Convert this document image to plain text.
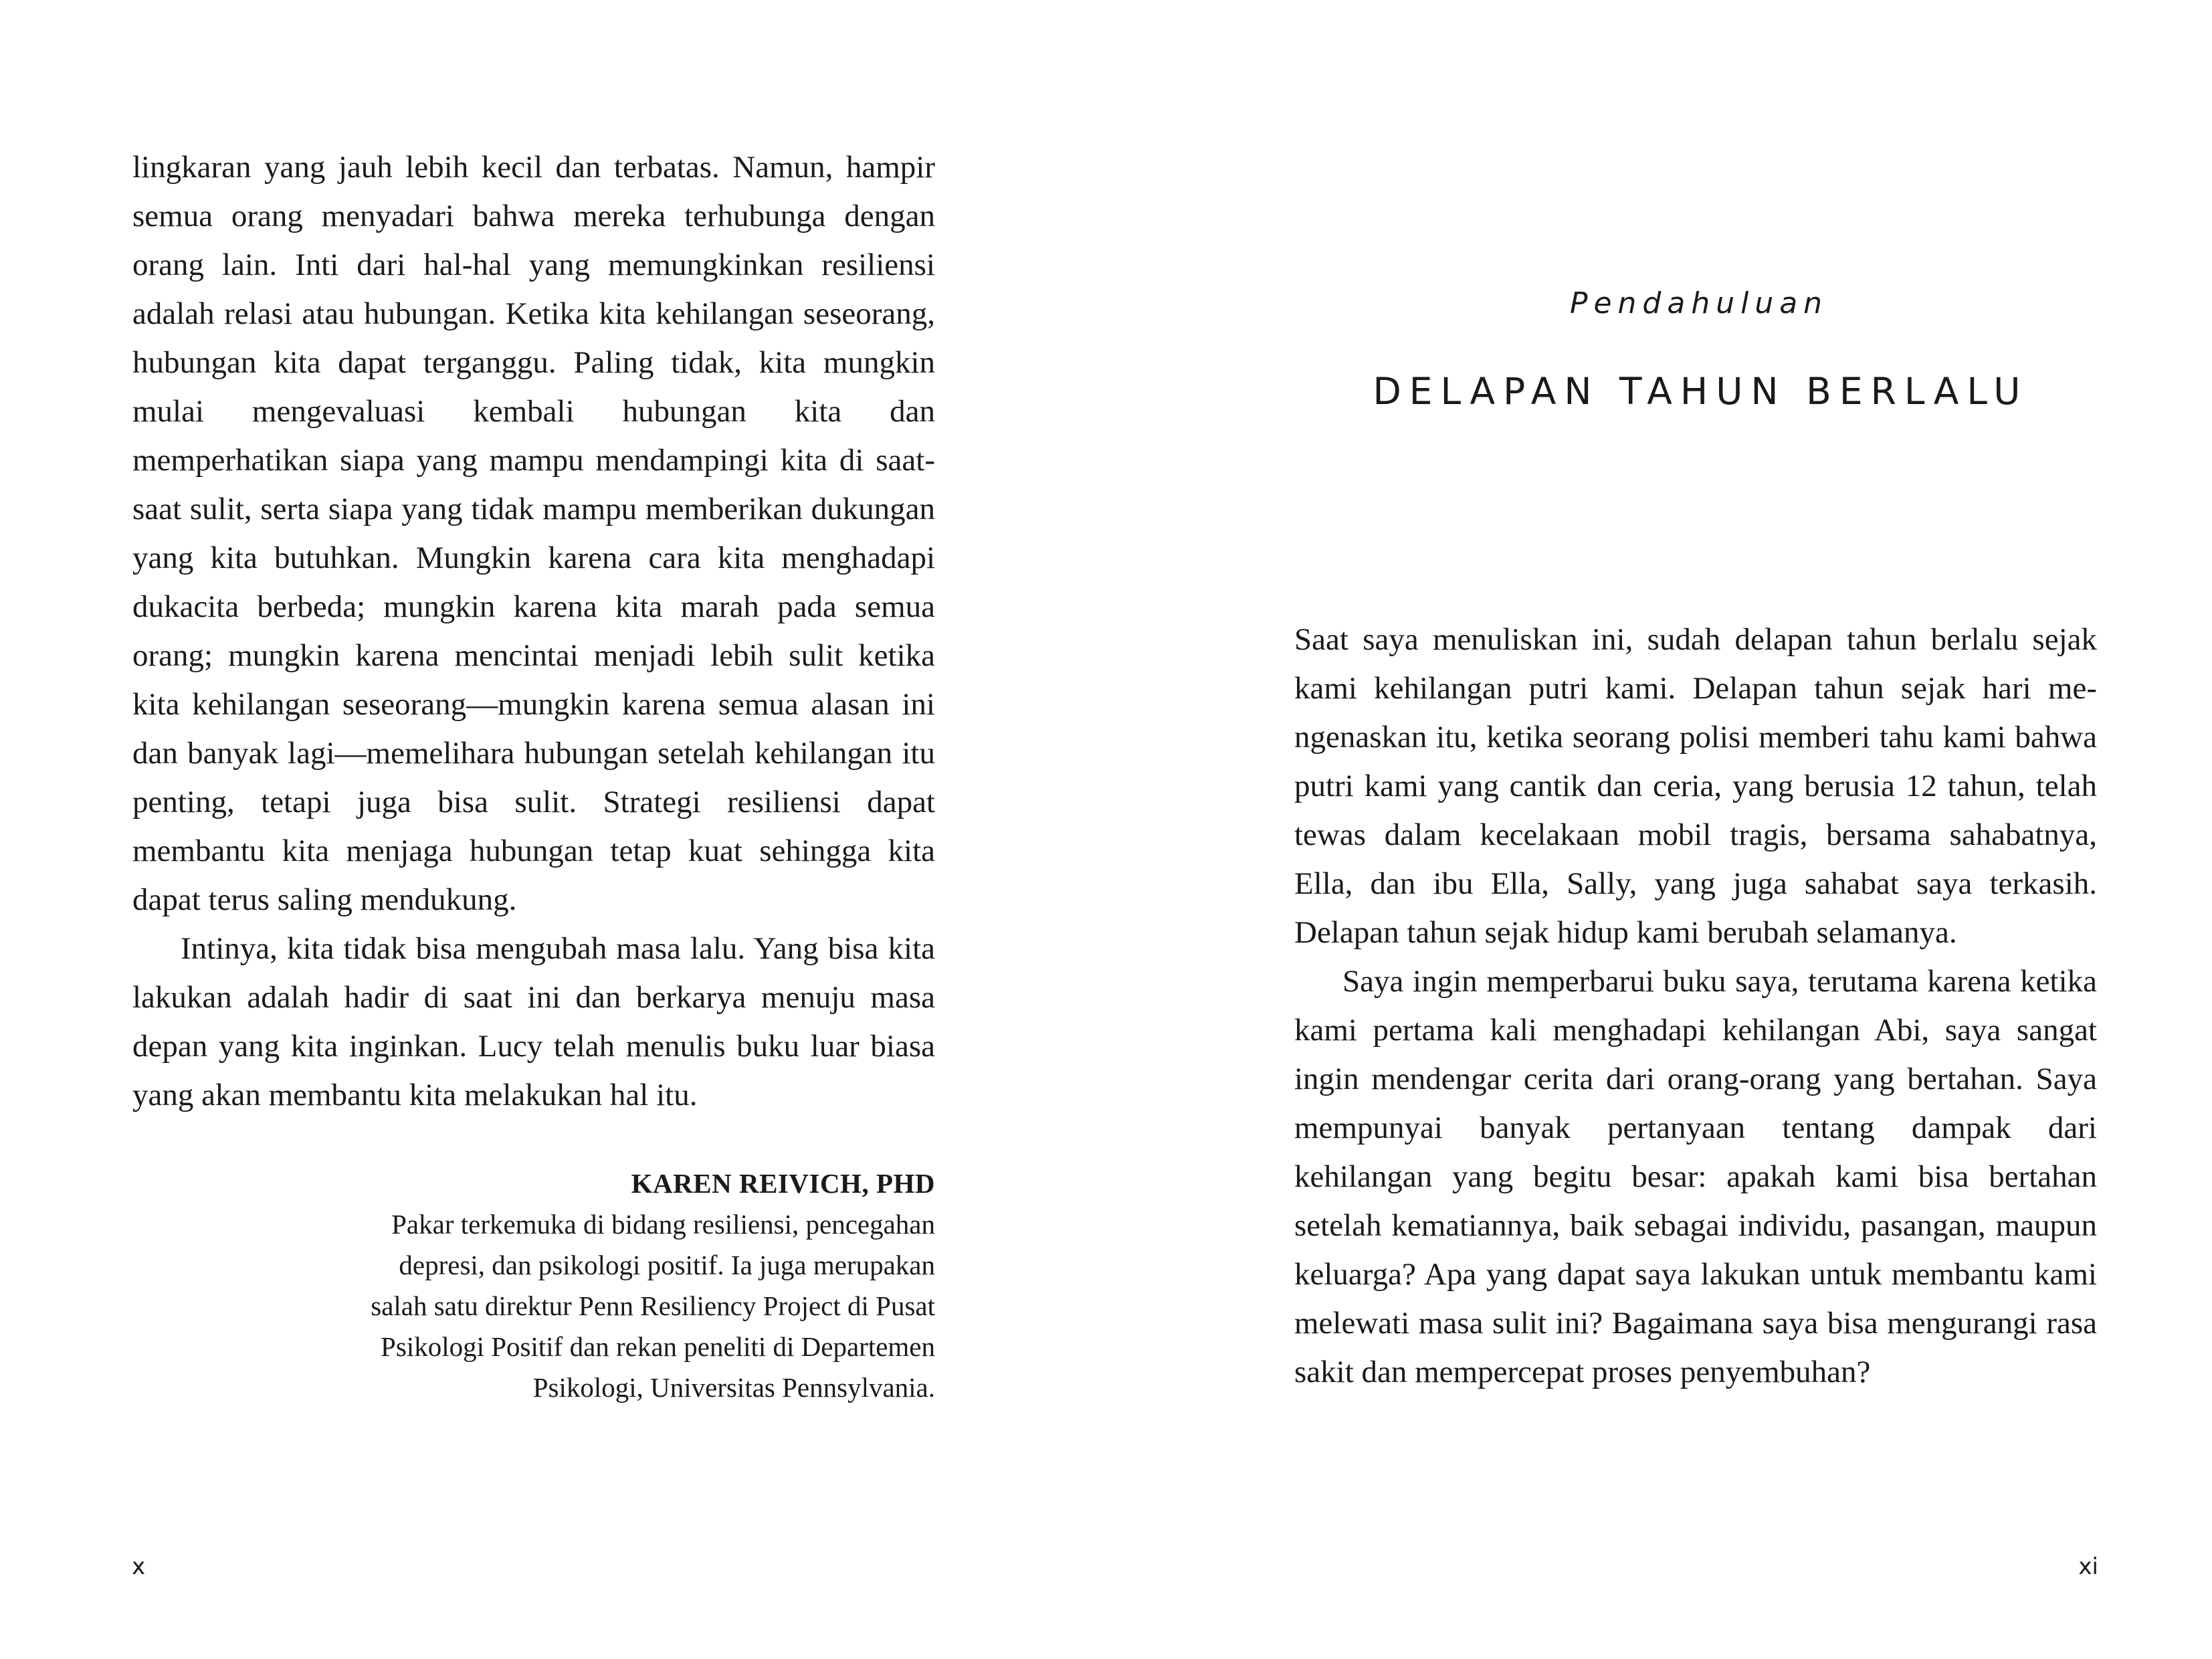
lingkaran yang jauh lebih kecil dan terbatas. Namun, hampir semua orang menyadari bahwa mereka terhubunga dengan orang lain. Inti dari hal-hal yang memungkinkan resiliensi adalah relasi atau hubungan. Ketika kita kehilangan seseorang, hubungan kita dapat terganggu. Paling tidak, kita mungkin mulai mengevaluasi kembali hubungan kita dan memperhatikan siapa yang mampu mendampingi kita di saat-saat sulit, serta siapa yang tidak mampu memberikan dukungan yang kita butuhkan. Mungkin karena cara kita menghadapi dukacita berbeda; mungkin karena kita marah pada semua orang; mungkin karena mencintai menjadi lebih sulit ketika kita kehilangan seseorang—mungkin karena semua alasan ini dan banyak lagi—memelihara hubungan setelah kehilangan itu penting, tetapi juga bisa sulit. Strategi resiliensi dapat membantu kita menjaga hubungan tetap kuat sehingga kita dapat terus saling mendukung.

Intinya, kita tidak bisa mengubah masa lalu. Yang bisa kita lakukan adalah hadir di saat ini dan berkarya menuju masa depan yang kita inginkan. Lucy telah menulis buku luar biasa yang akan membantu kita melakukan hal itu.

KAREN REIVICH, PHD
Pakar terkemuka di bidang resiliensi, pencegahan
depresi, dan psikologi positif. Ia juga merupakan
salah satu direktur Penn Resiliency Project di Pusat
Psikologi Positif dan rekan peneliti di Departemen
Psikologi, Universitas Pennsylvania.
x
Pendahuluan
DELAPAN TAHUN BERLALU

Saat saya menuliskan ini, sudah delapan tahun berlalu sejak kami kehilangan putri kami. Delapan tahun sejak hari mengenaskan itu, ketika seorang polisi memberi tahu kami bahwa putri kami yang cantik dan ceria, yang berusia 12 tahun, telah tewas dalam kecelakaan mobil tragis, bersama sahabatnya, Ella, dan ibu Ella, Sally, yang juga sahabat saya terkasih. Delapan tahun sejak hidup kami berubah selamanya.

Saya ingin memperbarui buku saya, terutama karena ketika kami pertama kali menghadapi kehilangan Abi, saya sangat ingin mendengar cerita dari orang-orang yang bertahan. Saya mempunyai banyak pertanyaan tentang dampak dari kehilangan yang begitu besar: apakah kami bisa bertahan setelah kematiannya, baik sebagai individu, pasangan, maupun keluarga? Apa yang dapat saya lakukan untuk membantu kami melewati masa sulit ini? Bagaimana saya bisa mengurangi rasa sakit dan mempercepat proses penyembuhan?

xi
